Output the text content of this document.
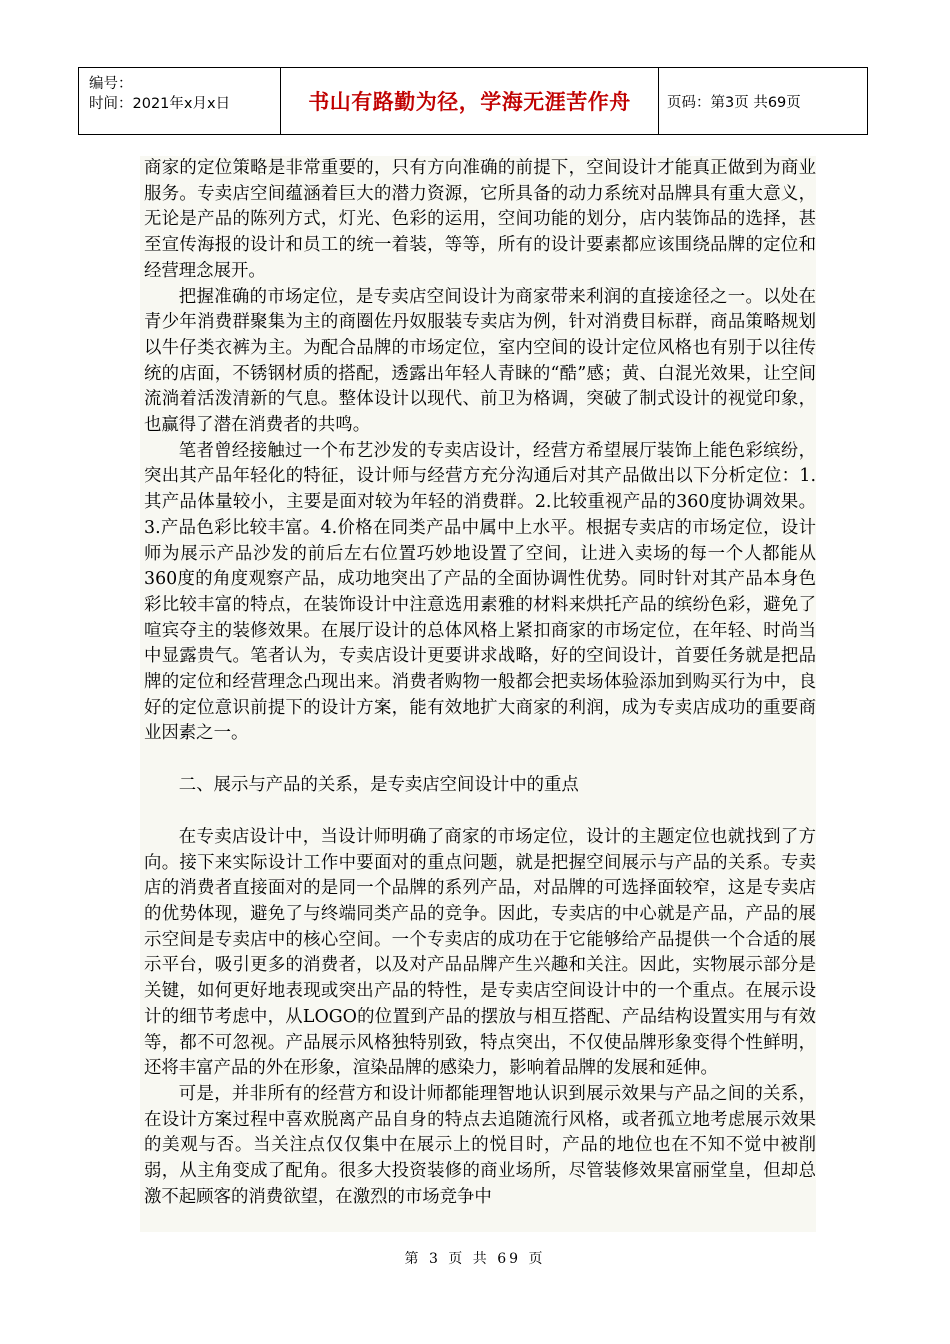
编号：
时间：2021年x月x日	书山有路勤为径，学海无涯苦作舟	页码：第3页 共69页

商家的定位策略是非常重要的，只有方向准确的前提下，空间设计才能真正做到为商业服务。专卖店空间蕴涵着巨大的潜力资源，它所具备的动力系统对品牌具有重大意义，无论是产品的陈列方式，灯光、色彩的运用，空间功能的划分，店内装饰品的选择，甚至宣传海报的设计和员工的统一着装，等等，所有的设计要素都应该围绕品牌的定位和经营理念展开。

把握准确的市场定位，是专卖店空间设计为商家带来利润的直接途径之一。以处在青少年消费群聚集为主的商圈佐丹奴服装专卖店为例，针对消费目标群，商品策略规划以牛仔类衣裤为主。为配合品牌的市场定位，室内空间的设计定位风格也有别于以往传统的店面，不锈钢材质的搭配，透露出年轻人青睐的“酷”感；黄、白混光效果，让空间流淌着活泼清新的气息。整体设计以现代、前卫为格调，突破了制式设计的视觉印象，也赢得了潜在消费者的共鸣。

笔者曾经接触过一个布艺沙发的专卖店设计，经营方希望展厅装饰上能色彩缤纷，突出其产品年轻化的特征，设计师与经营方充分沟通后对其产品做出以下分析定位：1.其产品体量较小，主要是面对较为年轻的消费群。2.比较重视产品的360度协调效果。3.产品色彩比较丰富。4.价格在同类产品中属中上水平。根据专卖店的市场定位，设计师为展示产品沙发的前后左右位置巧妙地设置了空间，让进入卖场的每一个人都能从360度的角度观察产品，成功地突出了产品的全面协调性优势。同时针对其产品本身色彩比较丰富的特点，在装饰设计中注意选用素雅的材料来烘托产品的缤纷色彩，避免了喧宾夺主的装修效果。在展厅设计的总体风格上紧扣商家的市场定位，在年轻、时尚当中显露贵气。笔者认为，专卖店设计更要讲求战略，好的空间设计，首要任务就是把品牌的定位和经营理念凸现出来。消费者购物一般都会把卖场体验添加到购买行为中，良好的定位意识前提下的设计方案，能有效地扩大商家的利润，成为专卖店成功的重要商业因素之一。

二、展示与产品的关系，是专卖店空间设计中的重点

在专卖店设计中，当设计师明确了商家的市场定位，设计的主题定位也就找到了方向。接下来实际设计工作中要面对的重点问题，就是把握空间展示与产品的关系。专卖店的消费者直接面对的是同一个品牌的系列产品，对品牌的可选择面较窄，这是专卖店的优势体现，避免了与终端同类产品的竞争。因此，专卖店的中心就是产品，产品的展示空间是专卖店中的核心空间。一个专卖店的成功在于它能够给产品提供一个合适的展示平台，吸引更多的消费者，以及对产品品牌产生兴趣和关注。因此，实物展示部分是关键，如何更好地表现或突出产品的特性，是专卖店空间设计中的一个重点。在展示设计的细节考虑中，从LOGO的位置到产品的摆放与相互搭配、产品结构设置实用与有效等，都不可忽视。产品展示风格独特别致，特点突出，不仅使品牌形象变得个性鲜明，还将丰富产品的外在形象，渲染品牌的感染力，影响着品牌的发展和延伸。

可是，并非所有的经营方和设计师都能理智地认识到展示效果与产品之间的关系，在设计方案过程中喜欢脱离产品自身的特点去追随流行风格，或者孤立地考虑展示效果的美观与否。当关注点仅仅集中在展示上的悦目时，产品的地位也在不知不觉中被削弱，从主角变成了配角。很多大投资装修的商业场所，尽管装修效果富丽堂皇，但却总激不起顾客的消费欲望，在激烈的市场竞争中

第 3 页 共 69 页
